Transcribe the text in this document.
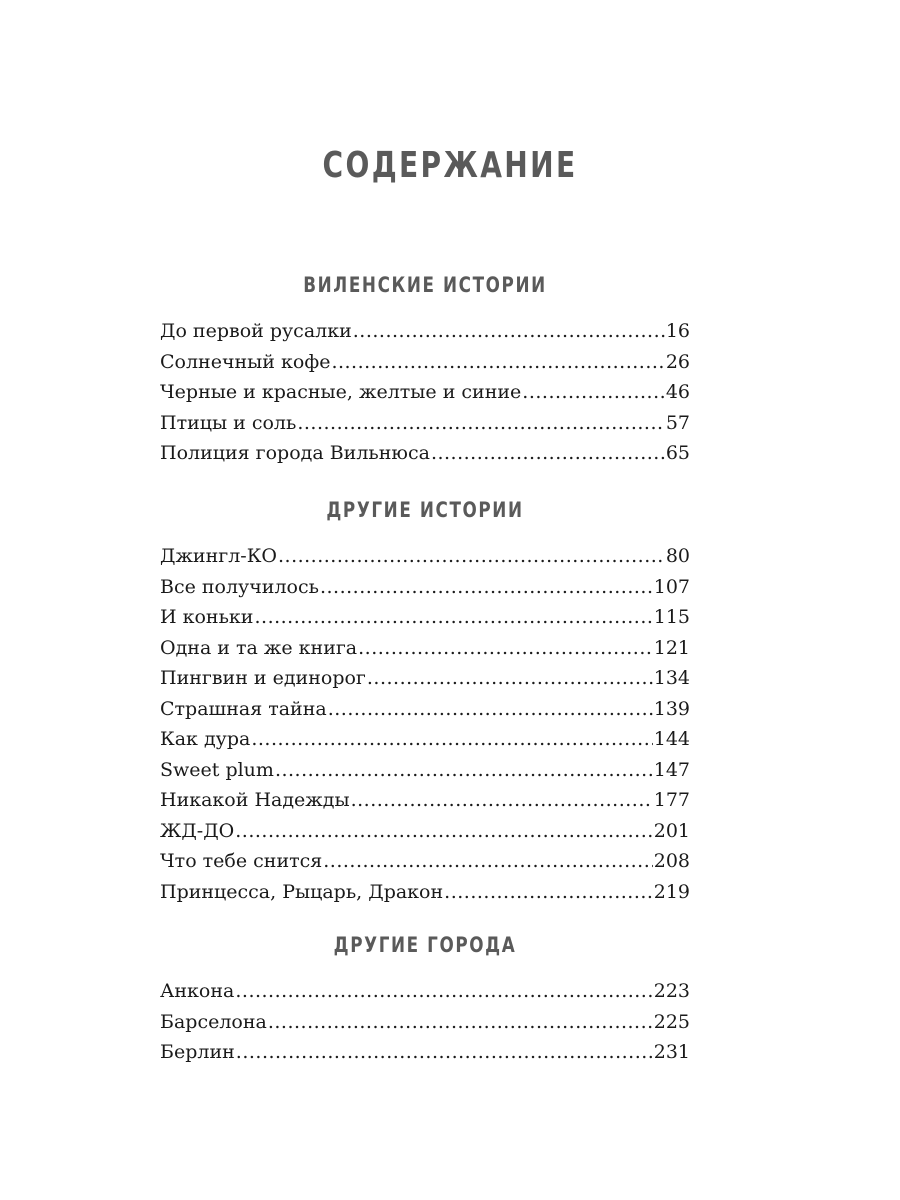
СОДЕРЖАНИЕ
ВИЛЕНСКИЕ ИСТОРИИ
До первой русалки .....	16
Солнечный кофе .....	26
Черные и красные, желтые и синие .....	46
Птицы и соль .....	57
Полиция города Вильнюса .....	65
ДРУГИЕ ИСТОРИИ
Джингл-КО .....	80
Все получилось .....	107
И коньки .....	115
Одна и та же книга .....	121
Пингвин и единорог .....	134
Страшная тайна .....	139
Как дура .....	144
Sweet plum .....	147
Никакой Надежды .....	177
ЖД-ДО .....	201
Что тебе снится .....	208
Принцесса, Рыцарь, Дракон .....	219
ДРУГИЕ ГОРОДА
Анкона .....	223
Барселона .....	225
Берлин .....	231
